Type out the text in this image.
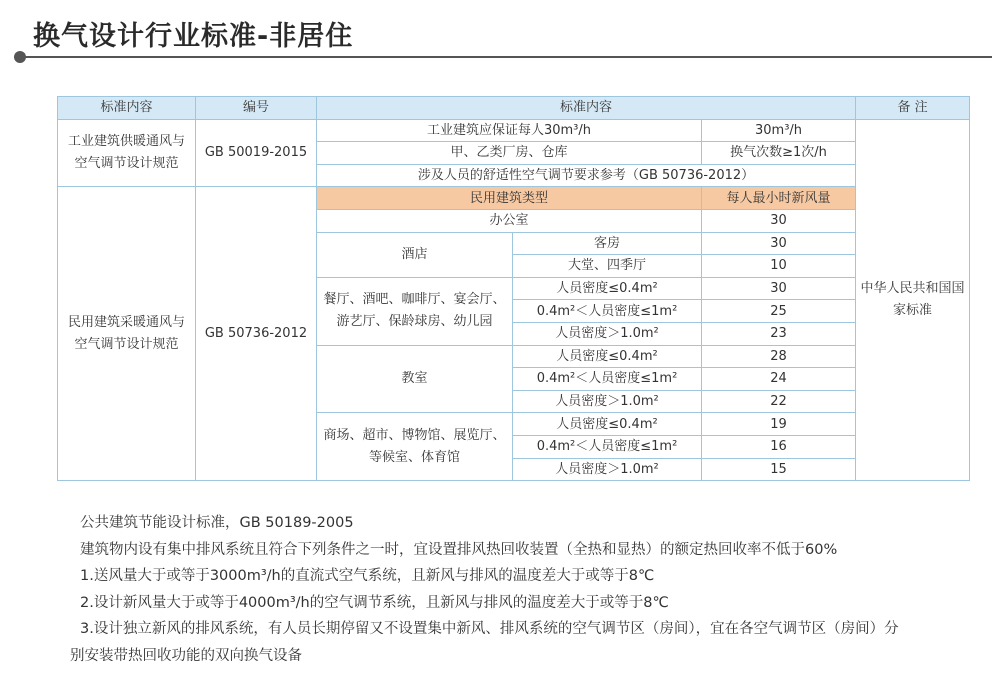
换气设计行业标准-非居住
标准内容	编号	标准内容			备 注
工业建筑供暖通风与空气调节设计规范	GB 50019-2015	工业建筑应保证每人30m³/h		30m³/h	中华人民共和国国家标准
		甲、乙类厂房、仓库		换气次数≥1次/h	
		涉及人员的舒适性空气调节要求参考（GB 50736-2012）			
民用建筑采暖通风与空气调节设计规范	GB 50736-2012	民用建筑类型		每人最小时新风量	
		办公室		30	
		酒店	客房	30	
			大堂、四季厅	10	
		餐厅、酒吧、咖啡厅、宴会厅、游艺厅、保龄球房、幼儿园	人员密度≤0.4m²	30	
			0.4m²＜人员密度≤1m²	25	
			人员密度＞1.0m²	23	
		教室	人员密度≤0.4m²	28	
			0.4m²＜人员密度≤1m²	24	
			人员密度＞1.0m²	22	
		商场、超市、博物馆、展览厅、等候室、体育馆	人员密度≤0.4m²	19	
			0.4m²＜人员密度≤1m²	16	
			人员密度＞1.0m²	15	

公共建筑节能设计标准，GB 50189-2005

建筑物内设有集中排风系统且符合下列条件之一时，宜设置排风热回收装置（全热和显热）的额定热回收率不低于60%

1.送风量大于或等于3000m³/h的直流式空气系统，且新风与排风的温度差大于或等于8℃

2.设计新风量大于或等于4000m³/h的空气调节系统，且新风与排风的温度差大于或等于8℃

3.设计独立新风的排风系统，有人员长期停留又不设置集中新风、排风系统的空气调节区（房间），宜在各空气调节区（房间）分

别安装带热回收功能的双向换气设备
